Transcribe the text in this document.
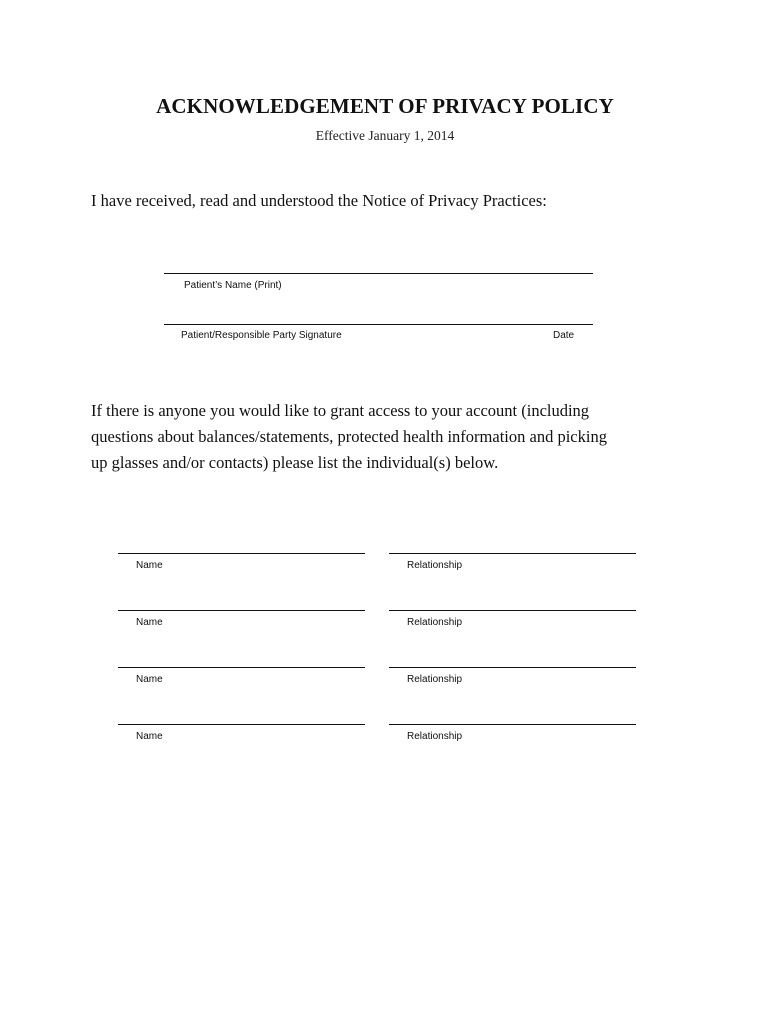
ACKNOWLEDGEMENT OF PRIVACY POLICY
Effective January 1, 2014
I have received, read and understood the Notice of Privacy Practices:
Patient’s Name (Print)
Patient/Responsible Party Signature	Date
If there is anyone you would like to grant access to your account (including
questions about balances/statements, protected health information and picking
up glasses and/or contacts) please list the individual(s) below.
Name	Relationship
Name	Relationship
Name	Relationship
Name	Relationship
